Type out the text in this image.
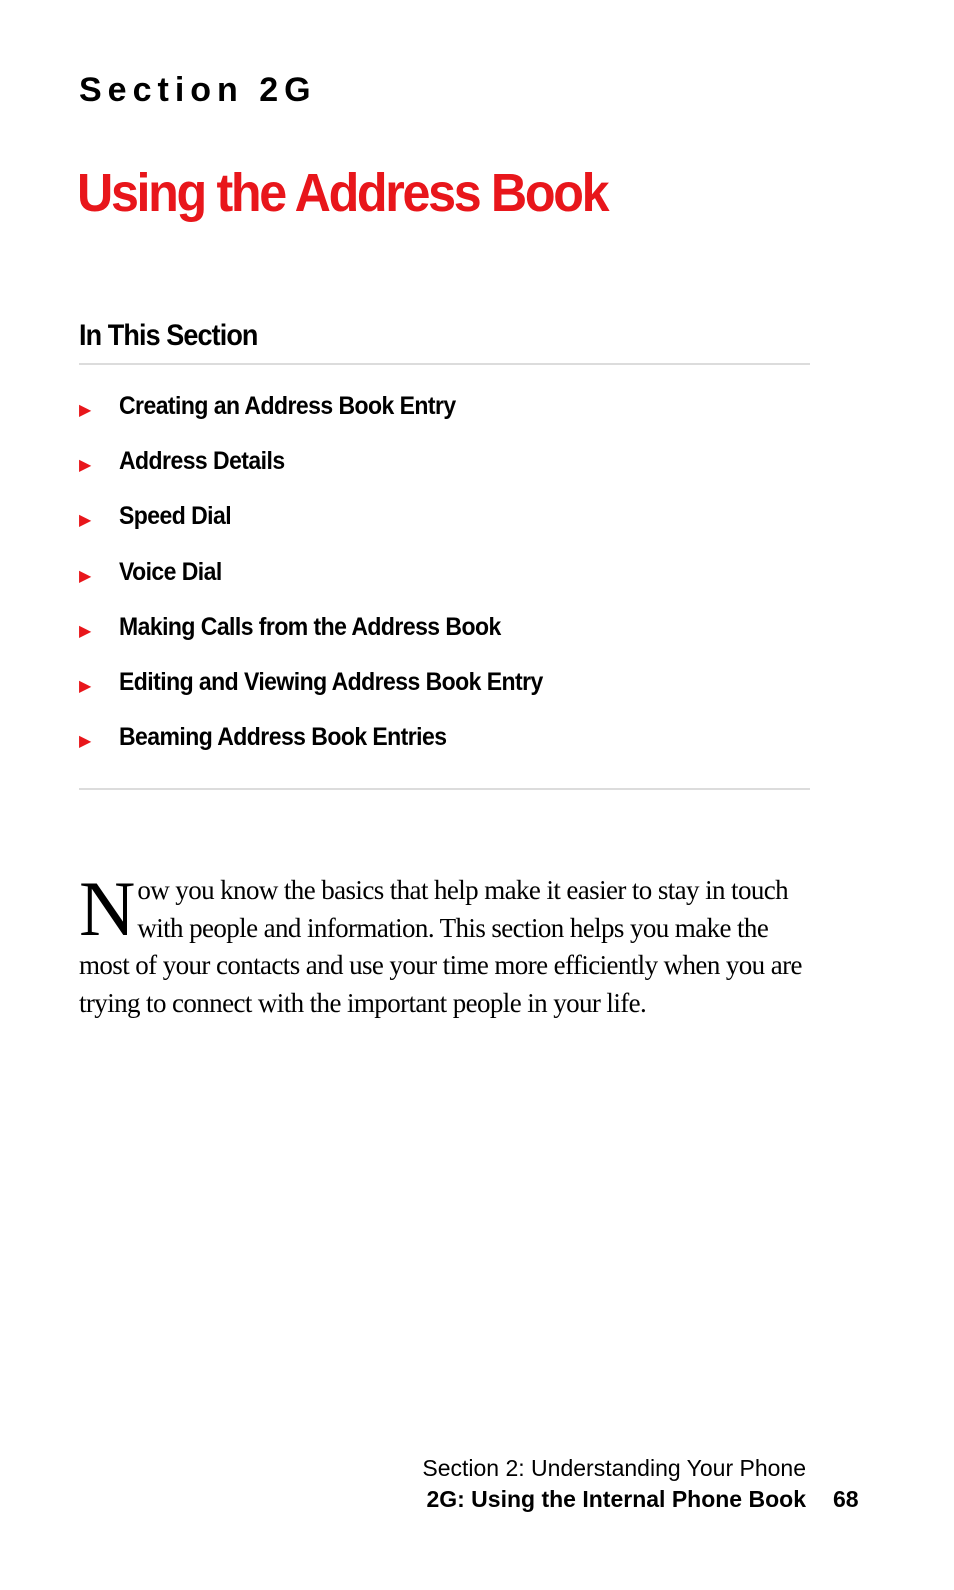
Section 2G
Using the Address Book
In This Section
▶	Creating an Address Book Entry
▶	Address Details
▶	Speed Dial
▶	Voice Dial
▶	Making Calls from the Address Book
▶	Editing and Viewing Address Book Entry
▶	Beaming Address Book Entries

Now you know the basics that help make it easier to stay in touch with people and information. This section helps you make the most of your contacts and use your time more efficiently when you are trying to connect with the important people in your life.

Section 2: Understanding Your Phone
2G: Using the Internal Phone Book 68
